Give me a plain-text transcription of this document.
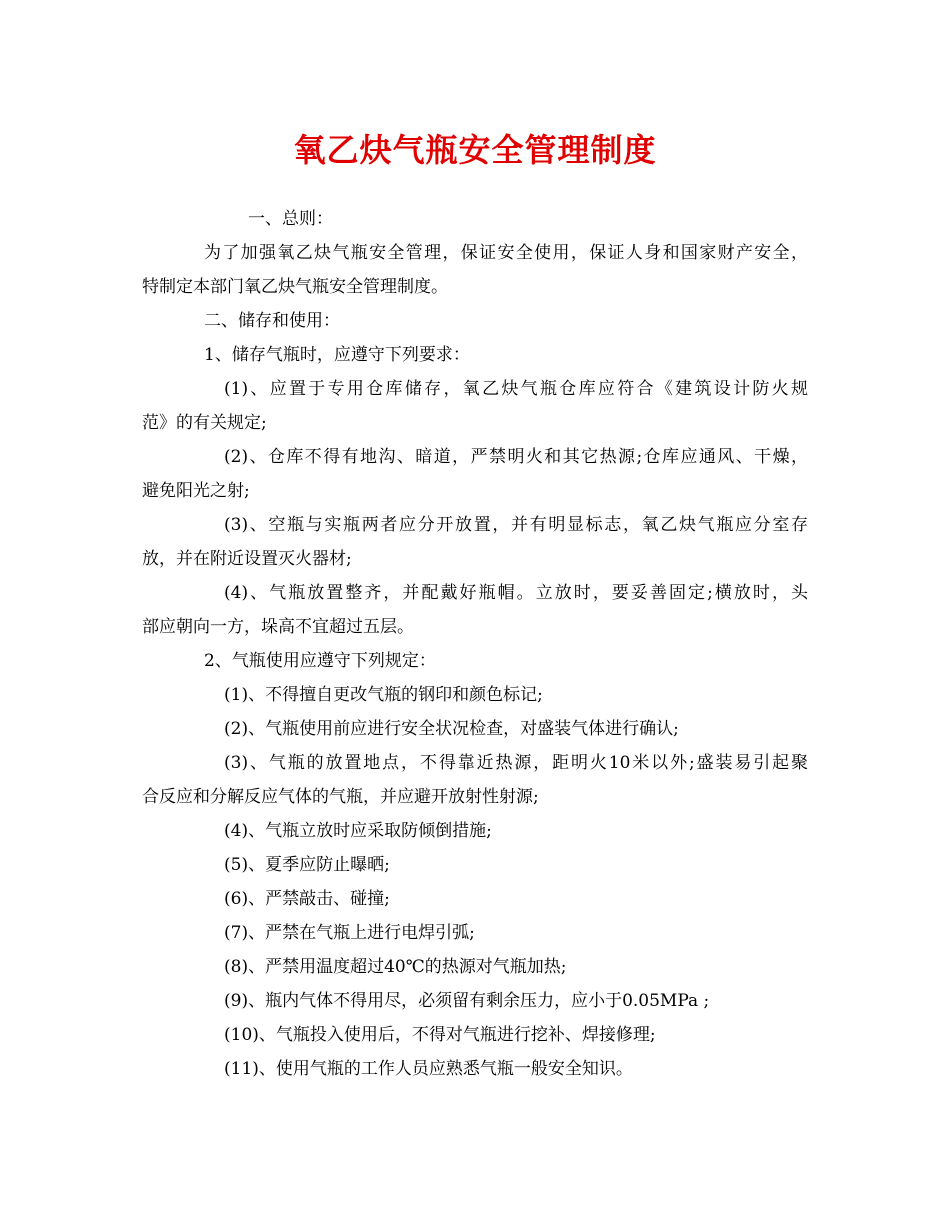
氧乙炔气瓶安全管理制度
一、总则：
为了加强氧乙炔气瓶安全管理，保证安全使用，保证人身和国家财产安全，
特制定本部门氧乙炔气瓶安全管理制度。
二、储存和使用：
1、储存气瓶时，应遵守下列要求：
(1)、应置于专用仓库储存，氧乙炔气瓶仓库应符合《建筑设计防火规
范》的有关规定;
(2)、仓库不得有地沟、暗道，严禁明火和其它热源;仓库应通风、干燥，
避免阳光之射;
(3)、空瓶与实瓶两者应分开放置，并有明显标志，氧乙炔气瓶应分室存
放，并在附近设置灭火器材;
(4)、气瓶放置整齐，并配戴好瓶帽。立放时，要妥善固定;横放时，头
部应朝向一方，垛高不宜超过五层。
2、气瓶使用应遵守下列规定：
(1)、不得擅自更改气瓶的钢印和颜色标记;
(2)、气瓶使用前应进行安全状况检查，对盛装气体进行确认;
(3)、气瓶的放置地点，不得靠近热源，距明火10米以外;盛装易引起聚
合反应和分解反应气体的气瓶，并应避开放射性射源;
(4)、气瓶立放时应采取防倾倒措施;
(5)、夏季应防止曝晒;
(6)、严禁敲击、碰撞;
(7)、严禁在气瓶上进行电焊引弧;
(8)、严禁用温度超过40℃的热源对气瓶加热;
(9)、瓶内气体不得用尽，必须留有剩余压力，应小于0.05MPa ;
(10)、气瓶投入使用后，不得对气瓶进行挖补、焊接修理;
(11)、使用气瓶的工作人员应熟悉气瓶一般安全知识。
